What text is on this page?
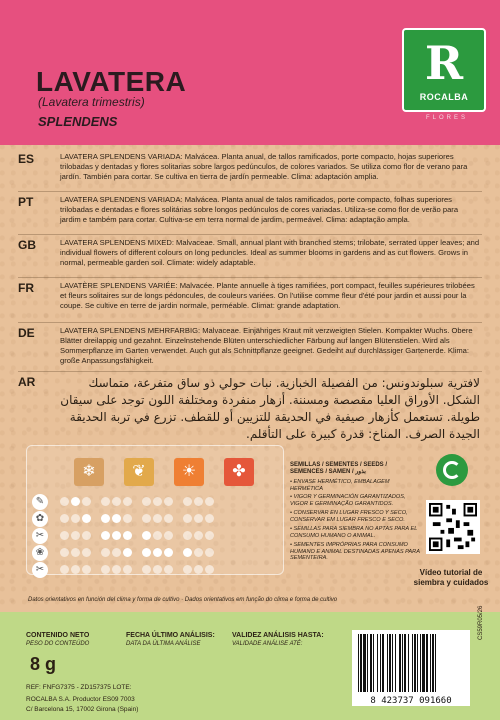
LAVATERA
(Lavatera trimestris)
SPLENDENS
R
ROCALBA
FLORES
ES	LAVATERA SPLENDENS VARIADA: Malvácea. Planta anual, de tallos ramificados, porte compacto, hojas superiores trilobadas y dentadas y flores solitarias sobre largos pedúnculos, de colores variados. Se utiliza como flor de verano para jardín. También para cortar. Se cultiva en tierra de jardín permeable. Clima: adaptación amplia.
PT	LAVATERA SPLENDENS VARIADA: Malvácea. Planta anual de talos ramificados, porte compacto, folhas superiores trilobadas e dentadas e flores solitárias sobre longos pedúnculos de cores variadas. Utiliza-se como flor de verão para jardim e também para cortar. Cultiva-se em terra normal de jardim, permeável. Clima: adaptação ampla.
GB	LAVATERA SPLENDENS MIXED: Malvaceae. Small, annual plant with branched stems; trilobate, serrated upper leaves; and individual flowers of different colours on long peduncles. Ideal as summer blooms in gardens and as cut flowers. Grows in normal, permeable garden soil. Climate: widely adaptable.
FR	LAVATÈRE SPLENDENS VARIÉE: Malvacée. Plante annuelle à tiges ramifiées, port compact, feuilles supérieures trilobées et fleurs solitaires sur de longs pédoncules, de couleurs variées. On l'utilise comme fleur d'été pour jardin et aussi pour la coupe. Se cultive en terre de jardin normale, perméable. Climat: grande adaptation.
DE	LAVATERA SPLENDENS MEHRFARBIG: Malvaceae. Einjähriges Kraut mit verzweigten Stielen. Kompakter Wuchs. Obere Blätter dreilappig und gezahnt. Einzelnstehende Blüten unterschiedlicher Färbung auf langen Blütenstielen. Wird als Sommerpflanze im Garten verwendet. Auch gut als Schnittpflanze geeignet. Gedeiht auf durchlässiger Gartenerde. Klima: große Anpassungsfähigkeit.
AR	لافترية سبلوندونس: من الفصيلة الخبازية. نبات حولي ذو ساق متفرعة، متماسك الشكل. الأوراق العليا مقصصة ومسننة. أزهار منفردة ومختلفة اللون توجد على سيقان طويلة. تستعمل كأزهار صيفية في الحديقة للتزيين أو للقطف. تزرع في تربة الحديقة الجيدة الصرف. المناخ: قدرة كبيرة على التأقلم.
❄	❦	☀	✤
✎
✿
✂
❀
✂
SEMILLAS / SEMENTES / SEEDS / SEMENCES / SAMEN / بذور
• ENVASE HERMÉTICO, EMBALAGEM HERMÉTICA
• VIGOR Y GERMINACIÓN GARANTIZADOS, VIGOR E GERMINAÇÃO GARANTIDOS.
• CONSERVAR EN LUGAR FRESCO Y SECO, CONSERVAR EM LUGAR FRESCO E SECO.
• SEMILLAS PARA SIEMBRA NO APTAS PARA EL CONSUMO HUMANO O ANIMAL.
• SEMENTES IMPRÓPRIAS PARA CONSUMO HUMANO E ANIMAL DESTINADAS APENAS PARA SEMENTEIRA.
Vídeo tutorial de siembra y cuidados
Datos orientativos en función del clima y forma de cultivo · Dados orientativos em função do clima e forma de cultivo
CONTENIDO NETO
PESO DO CONTEÚDO
8 g
FECHA ÚLTIMO ANÁLISIS:
DATA DA ÚLTIMA ANÁLISE
VALIDEZ ANÁLISIS HASTA:
VALIDADE ANÁLISE ATÉ:
REF: FNFG7375 - ZD157375 LOTE:
ROCALBA S.A. Productor ES09 7003
C/ Barcelona 15, 17002 Girona (Spain)
8 423737 091660
CS59R05/26
